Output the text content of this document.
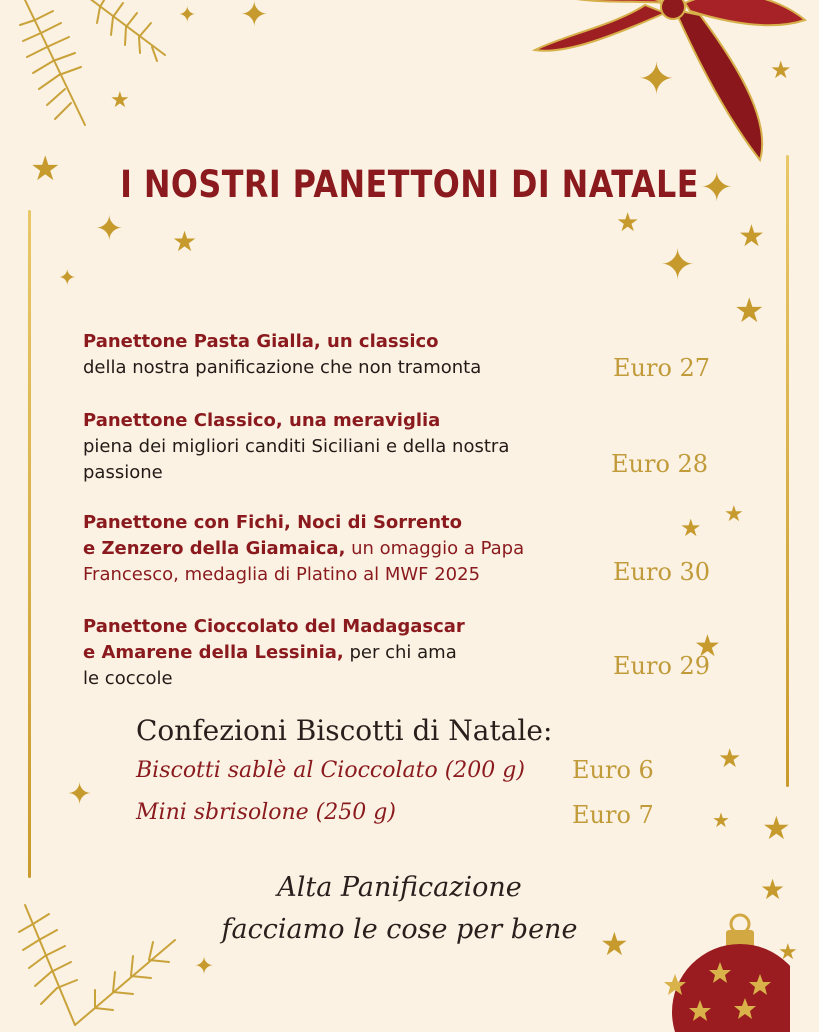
★
✦ ★
✦
★
✦ ✦
✦	★
✦
★	★
✦
★
★ ★
★
★
★ ★
★
★	★
✦
✦
I NOSTRI PANETTONI DI NATALE
Panettone Pasta Gialla, un classico
della nostra panificazione che non tramonta	Euro 27
Panettone Classico, una meraviglia
piena dei migliori canditi Siciliani e della nostra passione	Euro 28
Panettone con Fichi, Noci di Sorrento
e Zenzero della Giamaica, un omaggio a Papa
Francesco, medaglia di Platino al MWF 2025	Euro 30
Panettone Cioccolato del Madagascar
e Amarene della Lessinia, per chi ama
le coccole	Euro 29
Confezioni Biscotti di Natale:
Biscotti sablè al Cioccolato (200 g) Euro 6
Mini sbrisolone (250 g)	Euro 7
Alta Panificazione
facciamo le cose per bene
